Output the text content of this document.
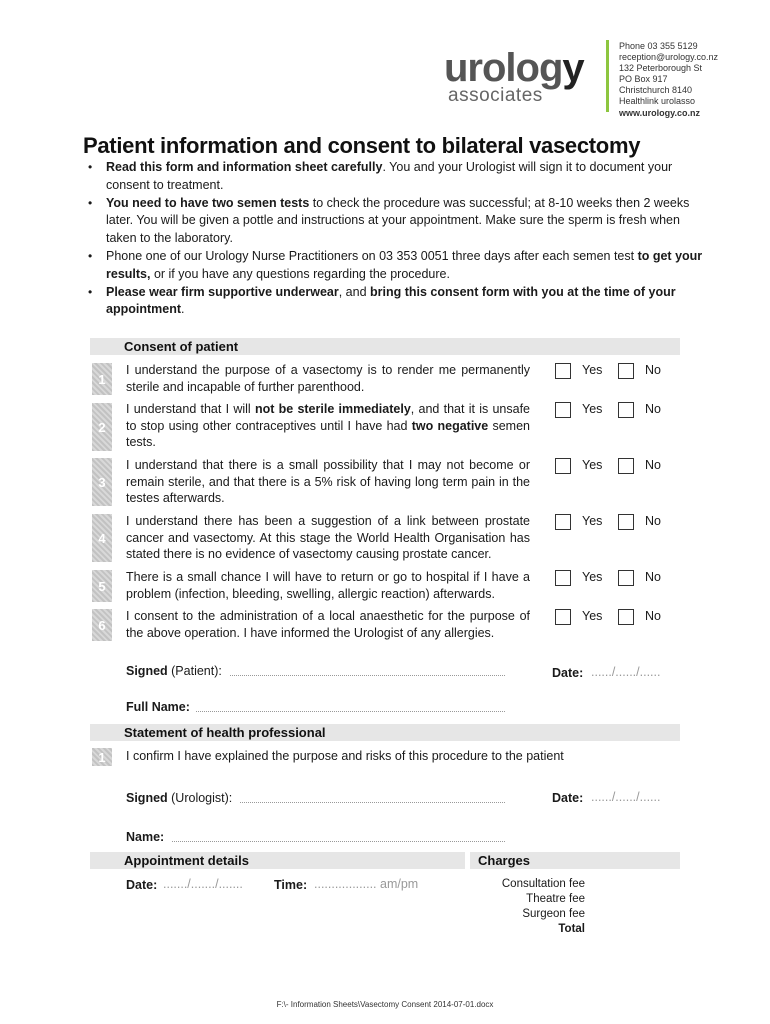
urology
associates
Phone 03 355 5129
reception@urology.co.nz
132 Peterborough St
PO Box 917
Christchurch 8140
Healthlink urolasso
www.urology.co.nz
Patient information and consent to bilateral vasectomy

• Read this form and information sheet carefully. You and your Urologist will sign it to document your consent to treatment.

• You need to have two semen tests to check the procedure was successful; at 8-10 weeks then 2 weeks later. You will be given a pottle and instructions at your appointment. Make sure the sperm is fresh when taken to the laboratory.

• Phone one of our Urology Nurse Practitioners on 03 353 0051 three days after each semen test to get your results, or if you have any questions regarding the procedure.

• Please wear firm supportive underwear, and bring this consent form with you at the time of your appointment.

Consent of patient
1
I understand the purpose of a vasectomy is to render me permanently sterile and incapable of further parenthood.
Yes	No
2
I understand that I will not be sterile immediately, and that it is unsafe to stop using other contraceptives until I have had two negative semen tests.
Yes	No
3
I understand that there is a small possibility that I may not become or remain sterile, and that there is a 5% risk of having long term pain in the testes afterwards.
Yes	No
4
I understand there has been a suggestion of a link between prostate cancer and vasectomy. At this stage the World Health Organisation has stated there is no evidence of vasectomy causing prostate cancer.
Yes	No
5
There is a small chance I will have to return or go to hospital if I have a problem (infection, bleeding, swelling, allergic reaction) afterwards.
Yes	No
6
I consent to the administration of a local anaesthetic for the purpose of the above operation. I have informed the Urologist of any allergies.
Yes	No
Signed (Patient):	Date: ....../....../......
Full Name:
Statement of health professional
1	I confirm I have explained the purpose and risks of this procedure to the patient
Signed (Urologist):	Date: ....../....../......
Name:
Appointment details	Charges
Date: ......./......./....... Time: .................. am/pm	Consultation fee
Theatre fee
Surgeon fee
Total
F:\- Information Sheets\Vasectomy Consent 2014-07-01.docx
